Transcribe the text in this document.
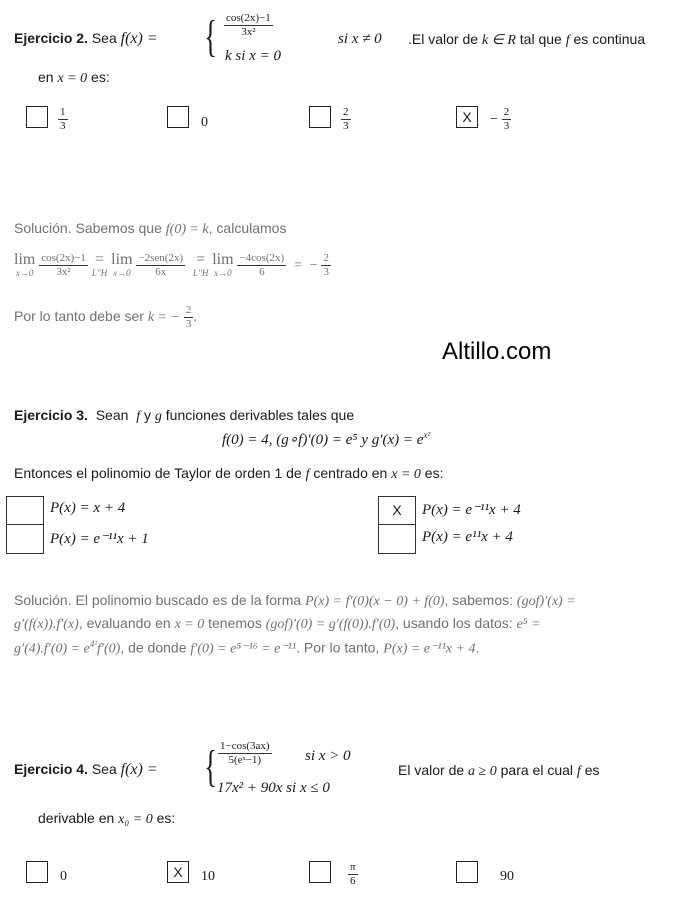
Ejercicio 2. Sea f(x) = { $\frac{\cos(2x)-1}{\text{3x²}}$	si x ≠ 0
k si x = 0
.El valor de k ∈ R tal que f es continua
en x = 0 es:
$\frac{1}{3}$	0	$\frac{2}{3}$	X	− $\frac{2}{3}$
Solución. Sabemos que f(0) = k, calculamos
lim
x→0
$\frac{\cos(2x)-1}{\text{3x²}}$
=
L′′H

lim
x→0
$\frac{\text{−2sen(2x)}}{6x}$
=
L′′H

lim
x→0
$\frac{-4\cos(2x)}{6}$ = − $\frac{2}{3}$
Por lo tanto debe ser k = − $\frac{2}{3}$ .
Altillo.com
Ejercicio 3. Sean f y g funciones derivables tales que
f(0) = 4, (g∘f)′(0) = e⁵ y $g'(x) = e^{x^2}$
Entonces el polinomio de Taylor de orden 1 de f centrado en x = 0 es:
P(x) = x + 4
P(x) = e⁻¹¹x + 1
X	P(x) = e⁻¹¹x + 4
P(x) = e¹¹x + 4
Solución. El polinomio buscado es de la forma P(x) = f′(0)(x − 0) + f(0), sabemos: (gof)′(x) =
g′(f(x)).f′(x), evaluando en x = 0 tenemos (gof)′(0) = g′(f(0)).f′(0), usando los datos: e⁵ =
$g'(4).f'(0) = e^{4^2}f'(0)$, de donde f′(0) = e⁵⁻¹⁶ = e⁻¹¹. Por lo tanto, P(x) = e⁻¹¹x + 4.
Ejercicio 4. Sea f(x) = { $\frac{1-\cos(3ax)}{\text{5(eˣ−1)}}$ si x > 0
17x² + 90x si x ≤ 0
El valor de a ≥ 0 para el cual f es
derivable en x₀ = 0 es:
0	X	10	$\frac{\pi}{6}$	90
